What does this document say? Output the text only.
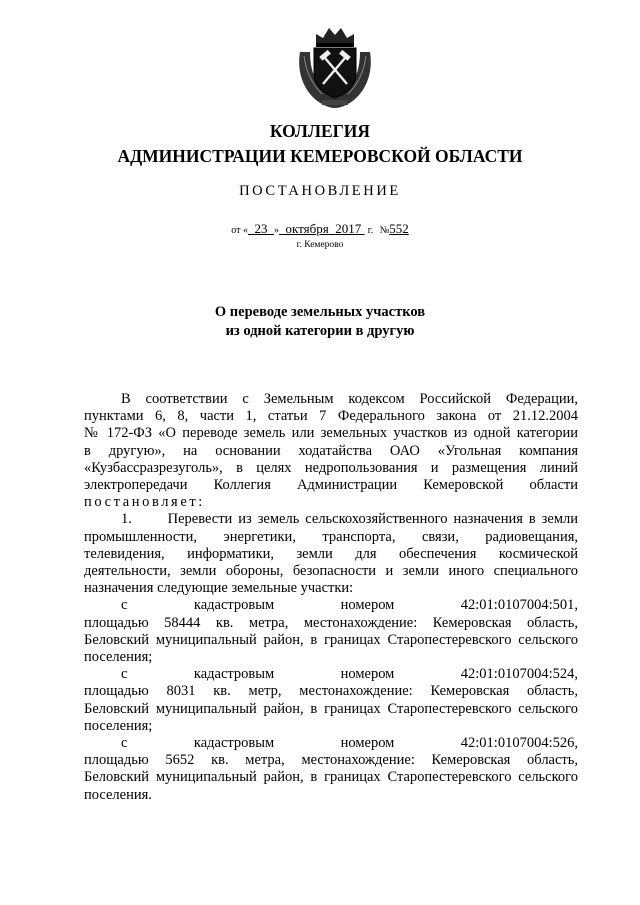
КОЛЛЕГИЯ
АДМИНИСТРАЦИИ КЕМЕРОВСКОЙ ОБЛАСТИ
ПОСТАНОВЛЕНИЕ
от « 23 » октября 2017 г. №552
г. Кемерово
О переводе земельных участков
из одной категории в другую

В соответствии с Земельным кодексом Российской Федерации,

пунктами 6, 8, части 1, статьи 7 Федерального закона от 21.12.2004

№ 172-ФЗ «О переводе земель или земельных участков из одной категории

в другую», на основании ходатайства ОАО «Угольная компания

«Кузбассразрезуголь», в целях недропользования и размещения линий

электропередачи Коллегия Администрации Кемеровской области

постановляет:

1.      Перевести из земель сельскохозяйственного назначения в земли

промышленности, энергетики, транспорта, связи, радиовещания,

телевидения, информатики, земли для обеспечения космической

деятельности, земли обороны, безопасности и земли иного специального

назначения следующие земельные участки:

с кадастровым номером 42:01:0107004:501,

площадью 58444 кв. метра, местонахождение: Кемеровская область,

Беловский муниципальный район, в границах Старопестеревского сельского

поселения;

с кадастровым номером 42:01:0107004:524,

площадью 8031 кв. метр, местонахождение: Кемеровская область,

Беловский муниципальный район, в границах Старопестеревского сельского

поселения;

с кадастровым номером 42:01:0107004:526,

площадью 5652 кв. метра, местонахождение: Кемеровская область,

Беловский муниципальный район, в границах Старопестеревского сельского

поселения.
